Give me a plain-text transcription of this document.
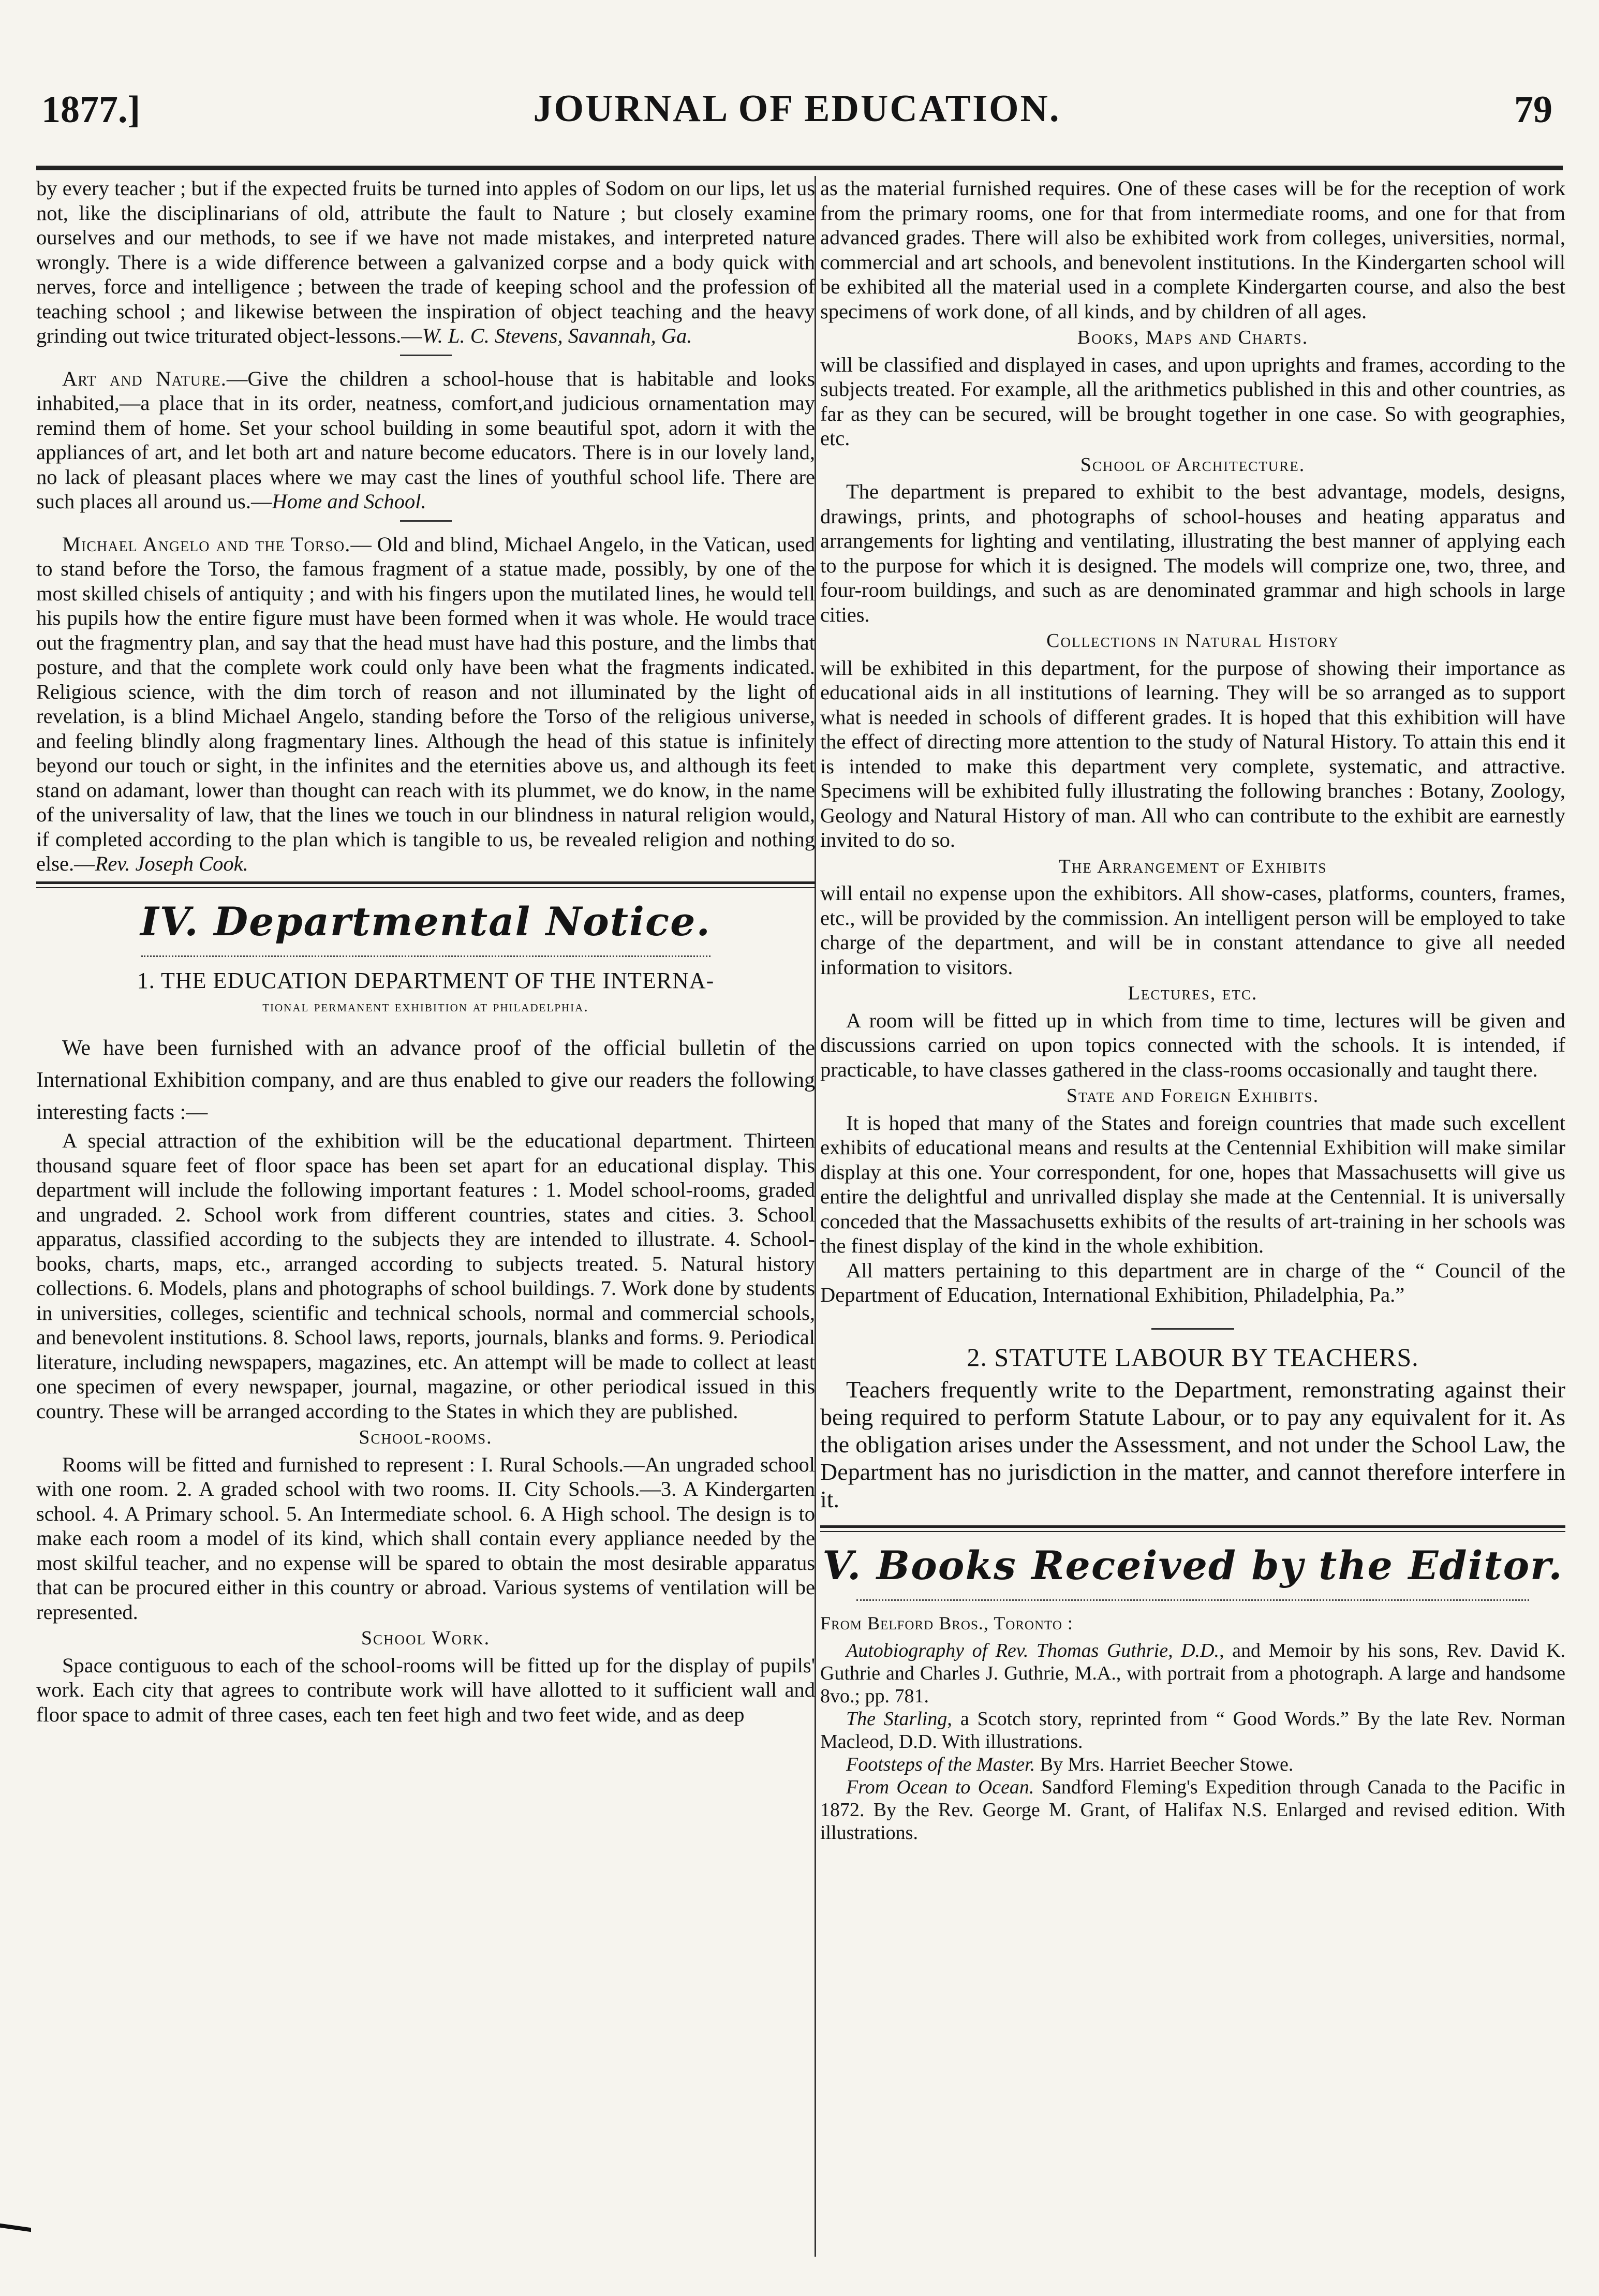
1877.]	JOURNAL OF EDUCATION.	79

by every teacher ; but if the expected fruits be turned into apples of Sodom on our lips, let us not, like the disciplinarians of old, attribute the fault to Nature ; but closely examine ourselves and our methods, to see if we have not made mistakes, and interpreted nature wrongly. There is a wide difference between a galvanized corpse and a body quick with nerves, force and intelligence ; between the trade of keeping school and the profession of teaching school ; and likewise between the inspiration of object teaching and the heavy grinding out twice triturated object-lessons.—W. L. C. Stevens, Savannah, Ga.

Art and Nature.—Give the children a school-house that is habitable and looks inhabited,—a place that in its order, neatness, comfort,and judicious ornamentation may remind them of home. Set your school building in some beautiful spot, adorn it with the appliances of art, and let both art and nature become educators. There is in our lovely land, no lack of pleasant places where we may cast the lines of youthful school life. There are such places all around us.—Home and School.

Michael Angelo and the Torso.— Old and blind, Michael Angelo, in the Vatican, used to stand before the Torso, the famous fragment of a statue made, possibly, by one of the most skilled chisels of antiquity ; and with his fingers upon the mutilated lines, he would tell his pupils how the entire figure must have been formed when it was whole. He would trace out the fragmentry plan, and say that the head must have had this posture, and the limbs that posture, and that the complete work could only have been what the fragments indicated. Religious science, with the dim torch of reason and not illuminated by the light of revelation, is a blind Michael Angelo, standing before the Torso of the religious universe, and feeling blindly along fragmentary lines. Although the head of this statue is infinitely beyond our touch or sight, in the infinites and the eternities above us, and although its feet stand on adamant, lower than thought can reach with its plummet, we do know, in the name of the universality of law, that the lines we touch in our blindness in natural religion would, if completed according to the plan which is tangible to us, be revealed religion and nothing else.—Rev. Joseph Cook.

IV. Departmental Notice.
1. THE EDUCATION DEPARTMENT OF THE INTERNA-
tional permanent exhibition at philadelphia.

We have been furnished with an advance proof of the official bulletin of the International Exhibition company, and are thus enabled to give our readers the following interesting facts :—

A special attraction of the exhibition will be the educational department. Thirteen thousand square feet of floor space has been set apart for an educational display. This department will include the following important features : 1. Model school-rooms, graded and ungraded. 2. School work from different countries, states and cities. 3. School apparatus, classified according to the subjects they are intended to illustrate. 4. School-books, charts, maps, etc., arranged according to subjects treated. 5. Natural history collections. 6. Models, plans and photographs of school buildings. 7. Work done by students in universities, colleges, scientific and technical schools, normal and commercial schools, and benevolent institutions. 8. School laws, reports, journals, blanks and forms. 9. Periodical literature, including newspapers, magazines, etc. An attempt will be made to collect at least one specimen of every newspaper, journal, magazine, or other periodical issued in this country. These will be arranged according to the States in which they are published.

School-rooms.

Rooms will be fitted and furnished to represent : I. Rural Schools.—An ungraded school with one room. 2. A graded school with two rooms. II. City Schools.—3. A Kindergarten school. 4. A Primary school. 5. An Intermediate school. 6. A High school. The design is to make each room a model of its kind, which shall contain every appliance needed by the most skilful teacher, and no expense will be spared to obtain the most desirable apparatus that can be procured either in this country or abroad. Various systems of ventilation will be represented.

School Work.

Space contiguous to each of the school-rooms will be fitted up for the display of pupils' work. Each city that agrees to contribute work will have allotted to it sufficient wall and floor space to admit of three cases, each ten feet high and two feet wide, and as deep

as the material furnished requires. One of these cases will be for the reception of work from the primary rooms, one for that from intermediate rooms, and one for that from advanced grades. There will also be exhibited work from colleges, universities, normal, commercial and art schools, and benevolent institutions. In the Kindergarten school will be exhibited all the material used in a complete Kindergarten course, and also the best specimens of work done, of all kinds, and by children of all ages.

Books, Maps and Charts.

will be classified and displayed in cases, and upon uprights and frames, according to the subjects treated. For example, all the arithmetics published in this and other countries, as far as they can be secured, will be brought together in one case. So with geographies, etc.

School of Architecture.

The department is prepared to exhibit to the best advantage, models, designs, drawings, prints, and photographs of school-houses and heating apparatus and arrangements for lighting and ventilating, illustrating the best manner of applying each to the purpose for which it is designed. The models will comprize one, two, three, and four-room buildings, and such as are denominated grammar and high schools in large cities.

Collections in Natural History

will be exhibited in this department, for the purpose of showing their importance as educational aids in all institutions of learning. They will be so arranged as to support what is needed in schools of different grades. It is hoped that this exhibition will have the effect of directing more attention to the study of Natural History. To attain this end it is intended to make this department very complete, systematic, and attractive. Specimens will be exhibited fully illustrating the following branches : Botany, Zoology, Geology and Natural History of man. All who can contribute to the exhibit are earnestly invited to do so.

The Arrangement of Exhibits

will entail no expense upon the exhibitors. All show-cases, platforms, counters, frames, etc., will be provided by the commission. An intelligent person will be employed to take charge of the department, and will be in constant attendance to give all needed information to visitors.

Lectures, etc.

A room will be fitted up in which from time to time, lectures will be given and discussions carried on upon topics connected with the schools. It is intended, if practicable, to have classes gathered in the class-rooms occasionally and taught there.

State and Foreign Exhibits.

It is hoped that many of the States and foreign countries that made such excellent exhibits of educational means and results at the Centennial Exhibition will make similar display at this one. Your correspondent, for one, hopes that Massachusetts will give us entire the delightful and unrivalled display she made at the Centennial. It is universally conceded that the Massachusetts exhibits of the results of art-training in her schools was the finest display of the kind in the whole exhibition.

All matters pertaining to this department are in charge of the “ Council of the Department of Education, International Exhibition, Philadelphia, Pa.”

2. STATUTE LABOUR BY TEACHERS.

Teachers frequently write to the Department, remonstrating against their being required to perform Statute Labour, or to pay any equivalent for it. As the obligation arises under the Assessment, and not under the School Law, the Department has no jurisdiction in the matter, and cannot therefore interfere in it.

V. Books Received by the Editor.
From Belford Bros., Toronto :

Autobiography of Rev. Thomas Guthrie, D.D., and Memoir by his sons, Rev. David K. Guthrie and Charles J. Guthrie, M.A., with portrait from a photograph. A large and handsome 8vo.; pp. 781.

The Starling, a Scotch story, reprinted from “ Good Words.” By the late Rev. Norman Macleod, D.D. With illustrations.

Footsteps of the Master. By Mrs. Harriet Beecher Stowe.

From Ocean to Ocean. Sandford Fleming's Expedition through Canada to the Pacific in 1872. By the Rev. George M. Grant, of Halifax N.S. Enlarged and revised edition. With illustrations.
